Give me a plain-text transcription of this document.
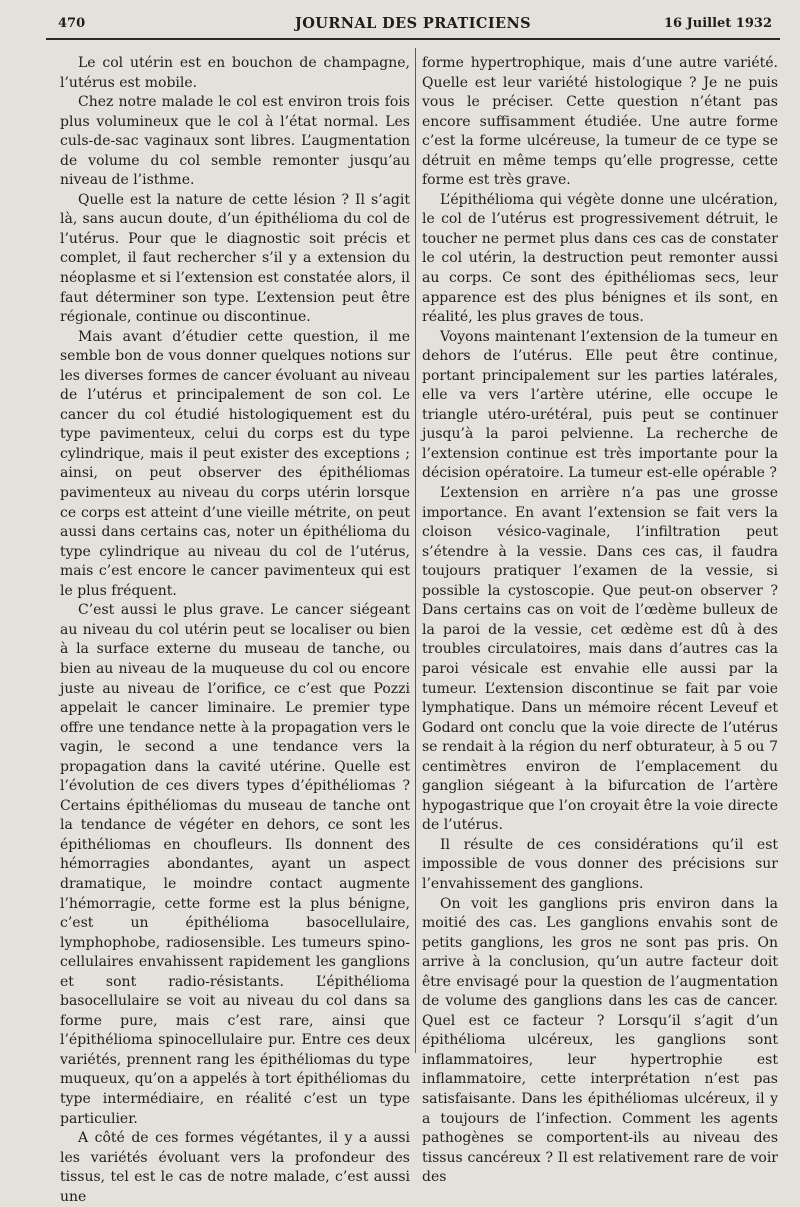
470	JOURNAL DES PRATICIENS	16 Juillet 1932

Le col utérin est en bouchon de champagne, l’utérus est mobile.

Chez notre malade le col est environ trois fois plus volumineux que le col à l’état normal. Les culs-de-sac vaginaux sont libres. L’augmentation de volume du col semble remonter jusqu’au niveau de l’isthme.

Quelle est la nature de cette lésion ? Il s’agit là, sans aucun doute, d’un épithélioma du col de l’utérus. Pour que le diagnostic soit précis et complet, il faut rechercher s’il y a extension du néoplasme et si l’extension est constatée alors, il faut déterminer son type. L’extension peut être régionale, continue ou discontinue.

Mais avant d’étudier cette question, il me semble bon de vous donner quelques notions sur les diverses formes de cancer évoluant au niveau de l’utérus et principalement de son col. Le cancer du col étudié histologiquement est du type pavimenteux, celui du corps est du type cylindrique, mais il peut exister des exceptions ; ainsi, on peut observer des épithéliomas pavimenteux au niveau du corps utérin lorsque ce corps est atteint d’une vieille métrite, on peut aussi dans certains cas, noter un épithélioma du type cylindrique au niveau du col de l’utérus, mais c’est encore le cancer pavimenteux qui est le plus fréquent.

C’est aussi le plus grave. Le cancer siégeant au niveau du col utérin peut se localiser ou bien à la surface externe du museau de tanche, ou bien au niveau de la muqueuse du col ou encore juste au niveau de l’orifice, ce c’est que Pozzi appelait le cancer liminaire. Le premier type offre une tendance nette à la propagation vers le vagin, le second a une tendance vers la propagation dans la cavité utérine. Quelle est l’évolution de ces divers types d’épithéliomas ? Certains épithéliomas du museau de tanche ont la tendance de végéter en dehors, ce sont les épithéliomas en choufleurs. Ils donnent des hémorragies abondantes, ayant un aspect dramatique, le moindre contact augmente l’hémorragie, cette forme est la plus bénigne, c’est un épithélioma basocellulaire, lymphophobe, radiosensible. Les tumeurs spino-cellulaires envahissent rapidement les ganglions et sont radio-résistants. L’épithélioma basocellulaire se voit au niveau du col dans sa forme pure, mais c’est rare, ainsi que l’épithélioma spinocellulaire pur. Entre ces deux variétés, prennent rang les épithéliomas du type muqueux, qu’on a appelés à tort épithéliomas du type intermédiaire, en réalité c’est un type particulier.

A côté de ces formes végétantes, il y a aussi les variétés évoluant vers la profondeur des tissus, tel est le cas de notre malade, c’est aussi une

forme hypertrophique, mais d’une autre variété. Quelle est leur variété histologique ? Je ne puis vous le préciser. Cette question n’étant pas encore suffisamment étudiée. Une autre forme c’est la forme ulcéreuse, la tumeur de ce type se détruit en même temps qu’elle progresse, cette forme est très grave.

L’épithélioma qui végète donne une ulcération, le col de l’utérus est progressivement détruit, le toucher ne permet plus dans ces cas de constater le col utérin, la destruction peut remonter aussi au corps. Ce sont des épithéliomas secs, leur apparence est des plus bénignes et ils sont, en réalité, les plus graves de tous.

Voyons maintenant l’extension de la tumeur en dehors de l’utérus. Elle peut être continue, portant principalement sur les parties latérales, elle va vers l’artère utérine, elle occupe le triangle utéro-urétéral, puis peut se continuer jusqu’à la paroi pelvienne. La recherche de l’extension continue est très importante pour la décision opératoire. La tumeur est-elle opérable ?

L’extension en arrière n’a pas une grosse importance. En avant l’extension se fait vers la cloison vésico-vaginale, l’infiltration peut s’étendre à la vessie. Dans ces cas, il faudra toujours pratiquer l’examen de la vessie, si possible la cystoscopie. Que peut-on observer ? Dans certains cas on voit de l’œdème bulleux de la paroi de la vessie, cet œdème est dû à des troubles circulatoires, mais dans d’autres cas la paroi vésicale est envahie elle aussi par la tumeur. L’extension discontinue se fait par voie lymphatique. Dans un mémoire récent Leveuf et Godard ont conclu que la voie directe de l’utérus se rendait à la région du nerf obturateur, à 5 ou 7 centimètres environ de l’emplacement du ganglion siégeant à la bifurcation de l’artère hypogastrique que l’on croyait être la voie directe de l’utérus.

Il résulte de ces considérations qu’il est impossible de vous donner des précisions sur l’envahissement des ganglions.

On voit les ganglions pris environ dans la moitié des cas. Les ganglions envahis sont de petits ganglions, les gros ne sont pas pris. On arrive à la conclusion, qu’un autre facteur doit être envisagé pour la question de l’augmentation de volume des ganglions dans les cas de cancer. Quel est ce facteur ? Lorsqu’il s’agit d’un épithélioma ulcéreux, les ganglions sont inflammatoires, leur hypertrophie est inflammatoire, cette interprétation n’est pas satisfaisante. Dans les épithéliomas ulcéreux, il y a toujours de l’infection. Comment les agents pathogènes se comportent-ils au niveau des tissus cancéreux ? Il est relativement rare de voir des
